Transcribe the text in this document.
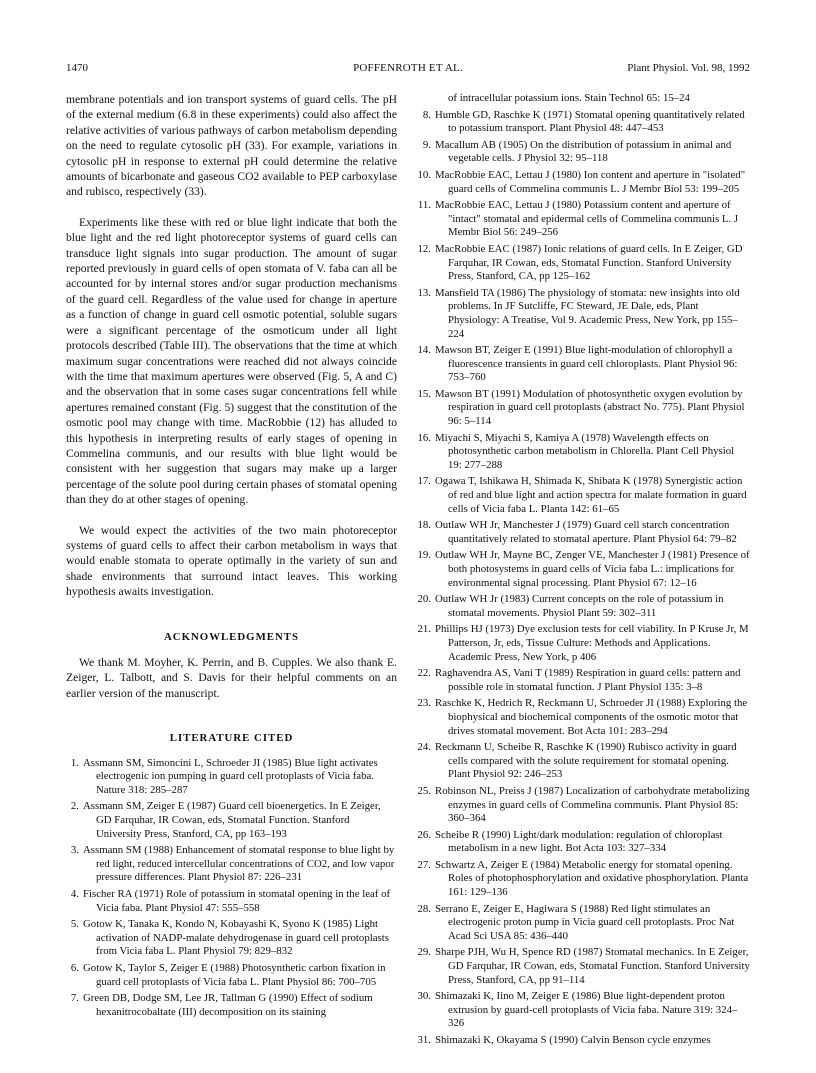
1470	POFFENROTH ET AL.	Plant Physiol. Vol. 98, 1992

membrane potentials and ion transport systems of guard cells. The pH of the external medium (6.8 in these experiments) could also affect the relative activities of various pathways of carbon metabolism depending on the need to regulate cytosolic pH (33). For example, variations in cytosolic pH in response to external pH could determine the relative amounts of bicarbonate and gaseous CO2 available to PEP carboxylase and rubisco, respectively (33).

Experiments like these with red or blue light indicate that both the blue light and the red light photoreceptor systems of guard cells can transduce light signals into sugar production. The amount of sugar reported previously in guard cells of open stomata of V. faba can all be accounted for by internal stores and/or sugar production mechanisms of the guard cell. Regardless of the value used for change in aperture as a function of change in guard cell osmotic potential, soluble sugars were a significant percentage of the osmoticum under all light protocols described (Table III). The observations that the time at which maximum sugar concentrations were reached did not always coincide with the time that maximum apertures were observed (Fig. 5, A and C) and the observation that in some cases sugar concentrations fell while apertures remained constant (Fig. 5) suggest that the constitution of the osmotic pool may change with time. MacRobbie (12) has alluded to this hypothesis in interpreting results of early stages of opening in Commelina communis, and our results with blue light would be consistent with her suggestion that sugars may make up a larger percentage of the solute pool during certain phases of stomatal opening than they do at other stages of opening.

We would expect the activities of the two main photoreceptor systems of guard cells to affect their carbon metabolism in ways that would enable stomata to operate optimally in the variety of sun and shade environments that surround intact leaves. This working hypothesis awaits investigation.

ACKNOWLEDGMENTS

We thank M. Moyher, K. Perrin, and B. Cupples. We also thank E. Zeiger, L. Talbott, and S. Davis for their helpful comments on an earlier version of the manuscript.

LITERATURE CITED
1. Assmann SM, Simoncini L, Schroeder JI (1985) Blue light activates electrogenic ion pumping in guard cell protoplasts of Vicia faba. Nature 318: 285–287
2. Assmann SM, Zeiger E (1987) Guard cell bioenergetics. In E Zeiger, GD Farquhar, IR Cowan, eds, Stomatal Function. Stanford University Press, Stanford, CA, pp 163–193
3. Assmann SM (1988) Enhancement of stomatal response to blue light by red light, reduced intercellular concentrations of CO2, and low vapor pressure differences. Plant Physiol 87: 226–231
4. Fischer RA (1971) Role of potassium in stomatal opening in the leaf of Vicia faba. Plant Physiol 47: 555–558
5. Gotow K, Tanaka K, Kondo N, Kobayashi K, Syono K (1985) Light activation of NADP-malate dehydrogenase in guard cell protoplasts from Vicia faba L. Plant Physiol 79: 829–832
6. Gotow K, Taylor S, Zeiger E (1988) Photosynthetic carbon fixation in guard cell protoplasts of Vicia faba L. Plant Physiol 86: 700–705
7. Green DB, Dodge SM, Lee JR, Tallman G (1990) Effect of sodium hexanitrocobaltate (III) decomposition on its staining
of intracellular potassium ions. Stain Technol 65: 15–24
8. Humble GD, Raschke K (1971) Stomatal opening quantitatively related to potassium transport. Plant Physiol 48: 447–453
9. Macallum AB (1905) On the distribution of potassium in animal and vegetable cells. J Physiol 32: 95–118
10. MacRobbie EAC, Lettau J (1980) Ion content and aperture in "isolated" guard cells of Commelina communis L. J Membr Biol 53: 199–205
11. MacRobbie EAC, Lettau J (1980) Potassium content and aperture of "intact" stomatal and epidermal cells of Commelina communis L. J Membr Biol 56: 249–256
12. MacRobbie EAC (1987) Ionic relations of guard cells. In E Zeiger, GD Farquhar, IR Cowan, eds, Stomatal Function. Stanford University Press, Stanford, CA, pp 125–162
13. Mansfield TA (1986) The physiology of stomata: new insights into old problems. In JF Sutcliffe, FC Steward, JE Dale, eds, Plant Physiology: A Treatise, Vol 9. Academic Press, New York, pp 155–224
14. Mawson BT, Zeiger E (1991) Blue light-modulation of chlorophyll a fluorescence transients in guard cell chloroplasts. Plant Physiol 96: 753–760
15. Mawson BT (1991) Modulation of photosynthetic oxygen evolution by respiration in guard cell protoplasts (abstract No. 775). Plant Physiol 96: 5–114
16. Miyachi S, Miyachi S, Kamiya A (1978) Wavelength effects on photosynthetic carbon metabolism in Chlorella. Plant Cell Physiol 19: 277–288
17. Ogawa T, Ishikawa H, Shimada K, Shibata K (1978) Synergistic action of red and blue light and action spectra for malate formation in guard cells of Vicia faba L. Planta 142: 61–65
18. Outlaw WH Jr, Manchester J (1979) Guard cell starch concentration quantitatively related to stomatal aperture. Plant Physiol 64: 79–82
19. Outlaw WH Jr, Mayne BC, Zenger VE, Manchester J (1981) Presence of both photosystems in guard cells of Vicia faba L.: implications for environmental signal processing. Plant Physiol 67: 12–16
20. Outlaw WH Jr (1983) Current concepts on the role of potassium in stomatal movements. Physiol Plant 59: 302–311
21. Phillips HJ (1973) Dye exclusion tests for cell viability. In P Kruse Jr, M Patterson, Jr, eds, Tissue Culture: Methods and Applications. Academic Press, New York, p 406
22. Raghavendra AS, Vani T (1989) Respiration in guard cells: pattern and possible role in stomatal function. J Plant Physiol 135: 3–8
23. Raschke K, Hedrich R, Reckmann U, Schroeder JI (1988) Exploring the biophysical and biochemical components of the osmotic motor that drives stomatal movement. Bot Acta 101: 283–294
24. Reckmann U, Scheibe R, Raschke K (1990) Rubisco activity in guard cells compared with the solute requirement for stomatal opening. Plant Physiol 92: 246–253
25. Robinson NL, Preiss J (1987) Localization of carbohydrate metabolizing enzymes in guard cells of Commelina communis. Plant Physiol 85: 360–364
26. Scheibe R (1990) Light/dark modulation: regulation of chloroplast metabolism in a new light. Bot Acta 103: 327–334
27. Schwartz A, Zeiger E (1984) Metabolic energy for stomatal opening. Roles of photophosphorylation and oxidative phosphorylation. Planta 161: 129–136
28. Serrano E, Zeiger E, Hagiwara S (1988) Red light stimulates an electrogenic proton pump in Vicia guard cell protoplasts. Proc Nat Acad Sci USA 85: 436–440
29. Sharpe PJH, Wu H, Spence RD (1987) Stomatal mechanics. In E Zeiger, GD Farquhar, IR Cowan, eds, Stomatal Function. Stanford University Press, Stanford, CA, pp 91–114
30. Shimazaki K, Iino M, Zeiger E (1986) Blue light-dependent proton extrusion by guard-cell protoplasts of Vicia faba. Nature 319: 324–326
31. Shimazaki K, Okayama S (1990) Calvin Benson cycle enzymes
